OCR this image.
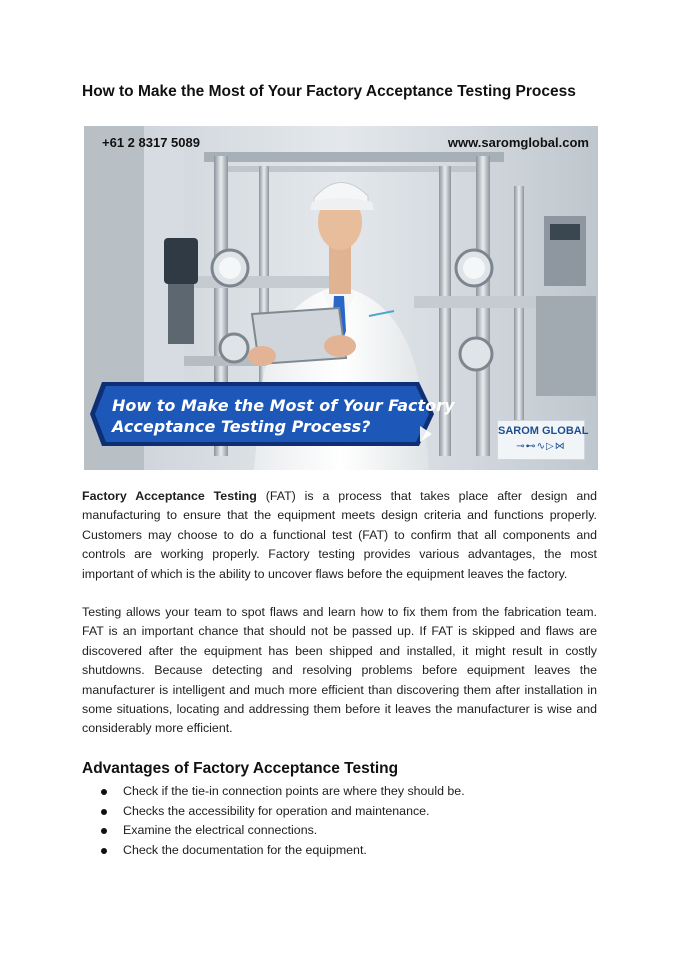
How to Make the Most of Your Factory Acceptance Testing Process
+61 2 8317 5089	www.saromglobal.com
How to Make the Most of Your Factory
Acceptance Testing Process?	SAROM GLOBAL
⊸⊷∿▷⋈

Factory Acceptance Testing (FAT) is a process that takes place after design and manufacturing to ensure that the equipment meets design criteria and functions properly. Customers may choose to do a functional test (FAT) to confirm that all components and controls are working properly. Factory testing provides various advantages, the most important of which is the ability to uncover flaws before the equipment leaves the factory.

Testing allows your team to spot flaws and learn how to fix them from the fabrication team. FAT is an important chance that should not be passed up. If FAT is skipped and flaws are discovered after the equipment has been shipped and installed, it might result in costly shutdowns. Because detecting and resolving problems before equipment leaves the manufacturer is intelligent and much more efficient than discovering them after installation in some situations, locating and addressing them before it leaves the manufacturer is wise and considerably more efficient.

Advantages of Factory Acceptance Testing
Check if the tie-in connection points are where they should be.
Checks the accessibility for operation and maintenance.
Examine the electrical connections.
Check the documentation for the equipment.
